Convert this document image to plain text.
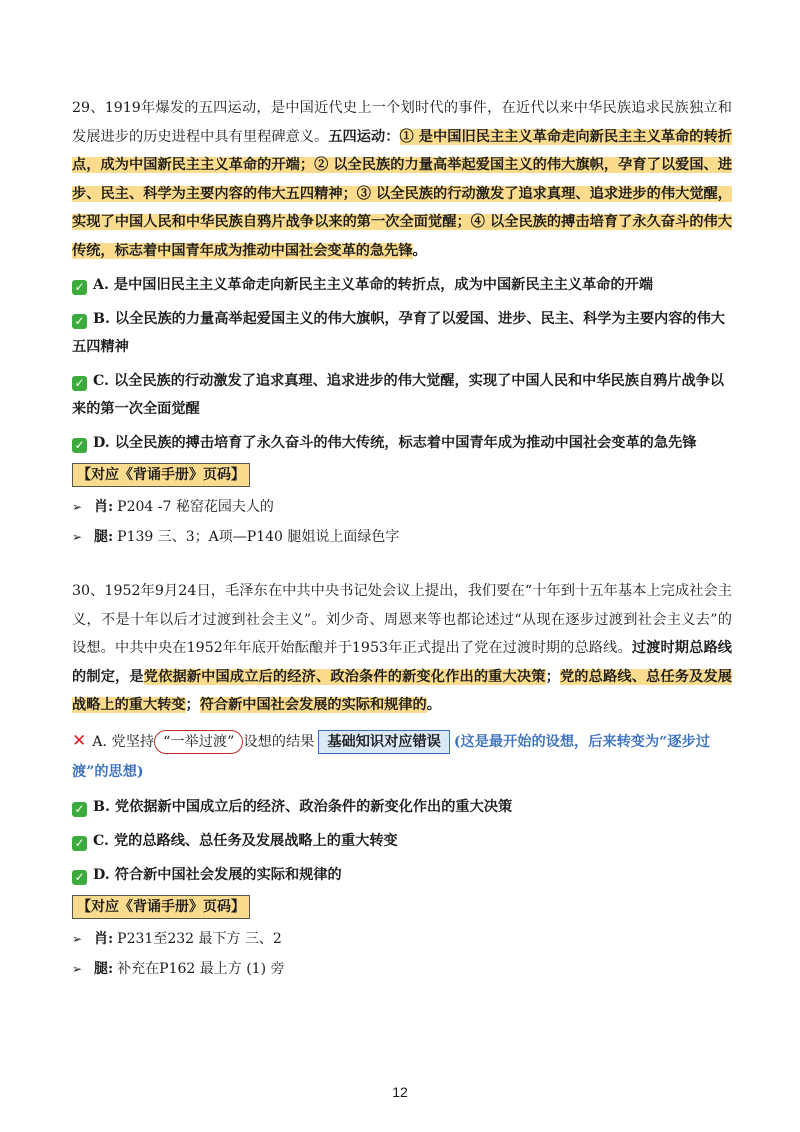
29、1919年爆发的五四运动，是中国近代史上一个划时代的事件，在近代以来中华民族追求民族独立和发展进步的历史进程中具有里程碑意义。五四运动：① 是中国旧民主主义革命走向新民主主义革命的转折点，成为中国新民主主义革命的开端；② 以全民族的力量高举起爱国主义的伟大旗帜，孕育了以爱国、进步、民主、科学为主要内容的伟大五四精神；③ 以全民族的行动激发了追求真理、追求进步的伟大觉醒，实现了中国人民和中华民族自鸦片战争以来的第一次全面觉醒；④ 以全民族的搏击培育了永久奋斗的伟大传统，标志着中国青年成为推动中国社会变革的急先锋。

✓ A. 是中国旧民主主义革命走向新民主主义革命的转折点，成为中国新民主主义革命的开端

✓ B. 以全民族的力量高举起爱国主义的伟大旗帜，孕育了以爱国、进步、民主、科学为主要内容的伟大五四精神

✓ C. 以全民族的行动激发了追求真理、追求进步的伟大觉醒，实现了中国人民和中华民族自鸦片战争以来的第一次全面觉醒

✓ D. 以全民族的搏击培育了永久奋斗的伟大传统，标志着中国青年成为推动中国社会变革的急先锋

【对应《背诵手册》页码】

➢ 肖: P204 -7 秘窑花园夫人的

➢ 腿: P139 三、3；A项—P140 腿姐说上面绿色字

30、1952年9月24日，毛泽东在中共中央书记处会议上提出，我们要在“十年到十五年基本上完成社会主义，不是十年以后才过渡到社会主义”。刘少奇、周恩来等也都论述过“从现在逐步过渡到社会主义去”的设想。中共中央在1952年年底开始酝酿并于1953年正式提出了党在过渡时期的总路线。过渡时期总路线的制定，是党依据新中国成立后的经济、政治条件的新变化作出的重大决策；党的总路线、总任务及发展战略上的重大转变；符合新中国社会发展的实际和规律的。

✕ A. 党坚持 “一举过渡” 设想的结果 基础知识对应错误 (这是最开始的设想，后来转变为“逐步过渡”的思想)

✓ B. 党依据新中国成立后的经济、政治条件的新变化作出的重大决策

✓ C. 党的总路线、总任务及发展战略上的重大转变

✓ D. 符合新中国社会发展的实际和规律的

【对应《背诵手册》页码】

➢ 肖: P231至232 最下方 三、2

➢ 腿: 补充在P162 最上方 (1) 旁

12
